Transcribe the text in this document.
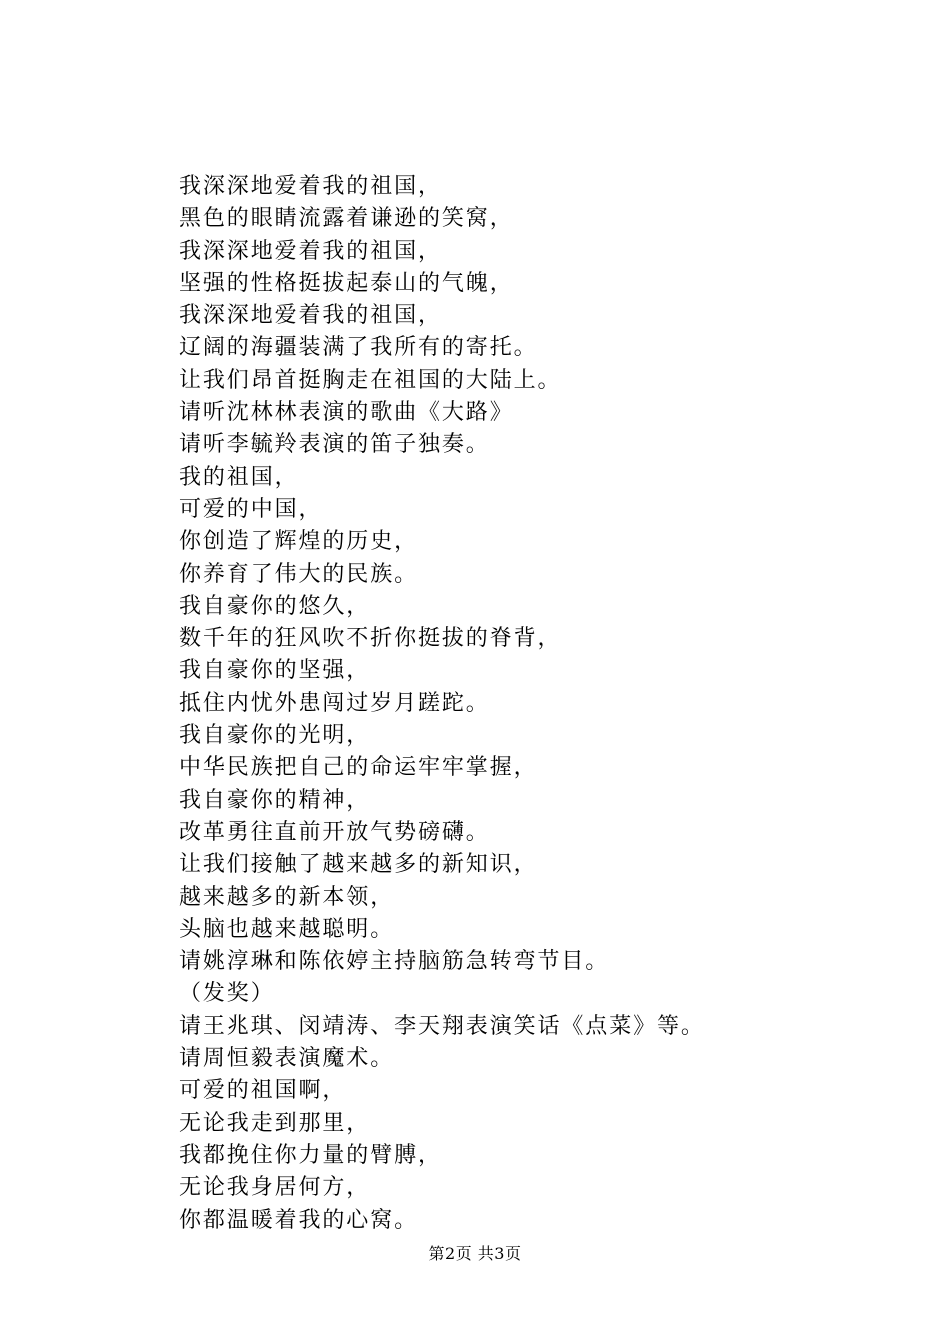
我深深地爱着我的祖国，
黑色的眼睛流露着谦逊的笑窝，
我深深地爱着我的祖国，
坚强的性格挺拔起泰山的气魄，
我深深地爱着我的祖国，
辽阔的海疆装满了我所有的寄托。
让我们昂首挺胸走在祖国的大陆上。
请听沈林林表演的歌曲《大路》
请听李毓羚表演的笛子独奏。
我的祖国，
可爱的中国，
你创造了辉煌的历史，
你养育了伟大的民族。
我自豪你的悠久，
数千年的狂风吹不折你挺拔的脊背，
我自豪你的坚强，
抵住内忧外患闯过岁月蹉跎。
我自豪你的光明，
中华民族把自己的命运牢牢掌握，
我自豪你的精神，
改革勇往直前开放气势磅礴。
让我们接触了越来越多的新知识，
越来越多的新本领，
头脑也越来越聪明。
请姚淳琳和陈依婷主持脑筋急转弯节目。
（发奖）
请王兆琪、闵靖涛、李天翔表演笑话《点菜》等。
请周恒毅表演魔术。
可爱的祖国啊，
无论我走到那里，
我都挽住你力量的臂膊，
无论我身居何方，
你都温暖着我的心窝。
第2页 共3页
